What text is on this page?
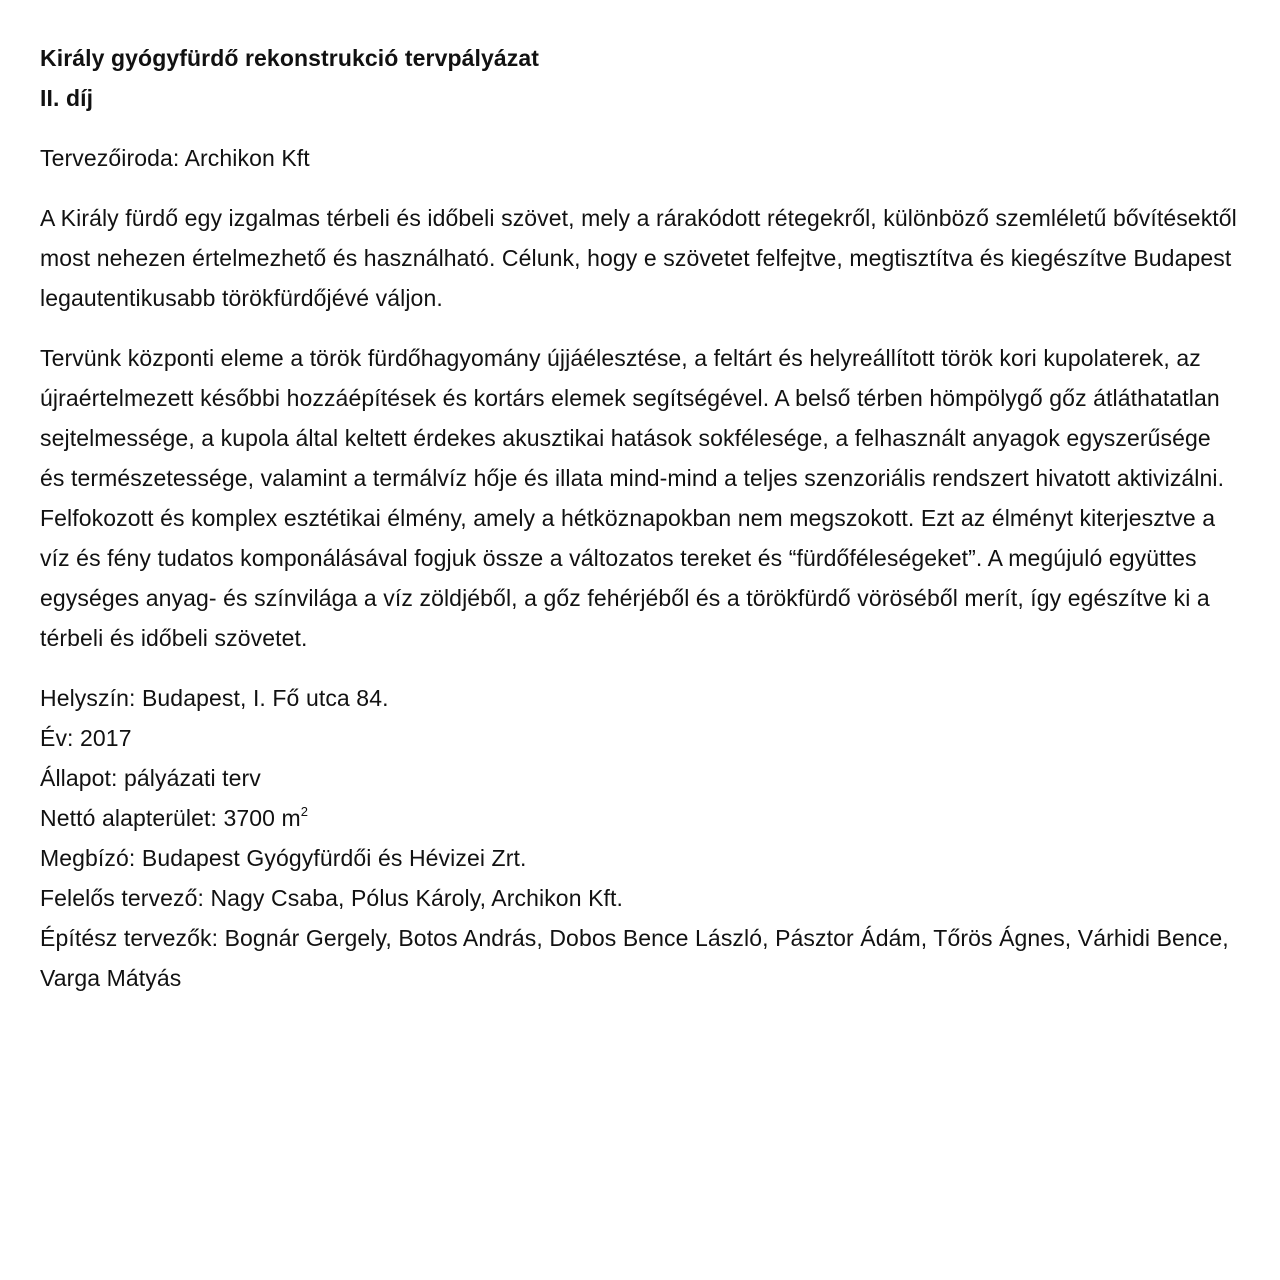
Király gyógyfürdő rekonstrukció tervpályázat

II. díj

Tervezőiroda: Archikon Kft

A Király fürdő egy izgalmas térbeli és időbeli szövet, mely a rárakódott rétegekről, különböző szemléletű bővítésektől most nehezen értelmezhető és használható. Célunk, hogy e szövetet felfejtve, megtisztítva és kiegészítve Budapest legautentikusabb törökfürdőjévé váljon.

Tervünk központi eleme a török fürdőhagyomány újjáélesztése, a feltárt és helyreállított török kori kupolaterek, az újraértelmezett későbbi hozzáépítések és kortárs elemek segítségével. A belső térben hömpölygő gőz átláthatatlan sejtelmessége, a kupola által keltett érdekes akusztikai hatások sokfélesége, a felhasznált anyagok egyszerűsége és természetessége, valamint a termálvíz hője és illata mind-mind a teljes szenzoriális rendszert hivatott aktivizálni. Felfokozott és komplex esztétikai élmény, amely a hétköznapokban nem megszokott. Ezt az élményt kiterjesztve a víz és fény tudatos komponálásával fogjuk össze a változatos tereket és “fürdőféleségeket”. A megújuló együttes egységes anyag- és színvilága a víz zöldjéből, a gőz fehérjéből és a törökfürdő vöröséből merít, így egészítve ki a térbeli és időbeli szövetet.

Helyszín: Budapest, I. Fő utca 84.

Év: 2017

Állapot: pályázati terv

Nettó alapterület: 3700 $m^2$

Megbízó: Budapest Gyógyfürdői és Hévizei Zrt.

Felelős tervező: Nagy Csaba, Pólus Károly, Archikon Kft.

Építész tervezők: Bognár Gergely, Botos András, Dobos Bence László, Pásztor Ádám, Tőrös Ágnes, Várhidi Bence, Varga Mátyás
